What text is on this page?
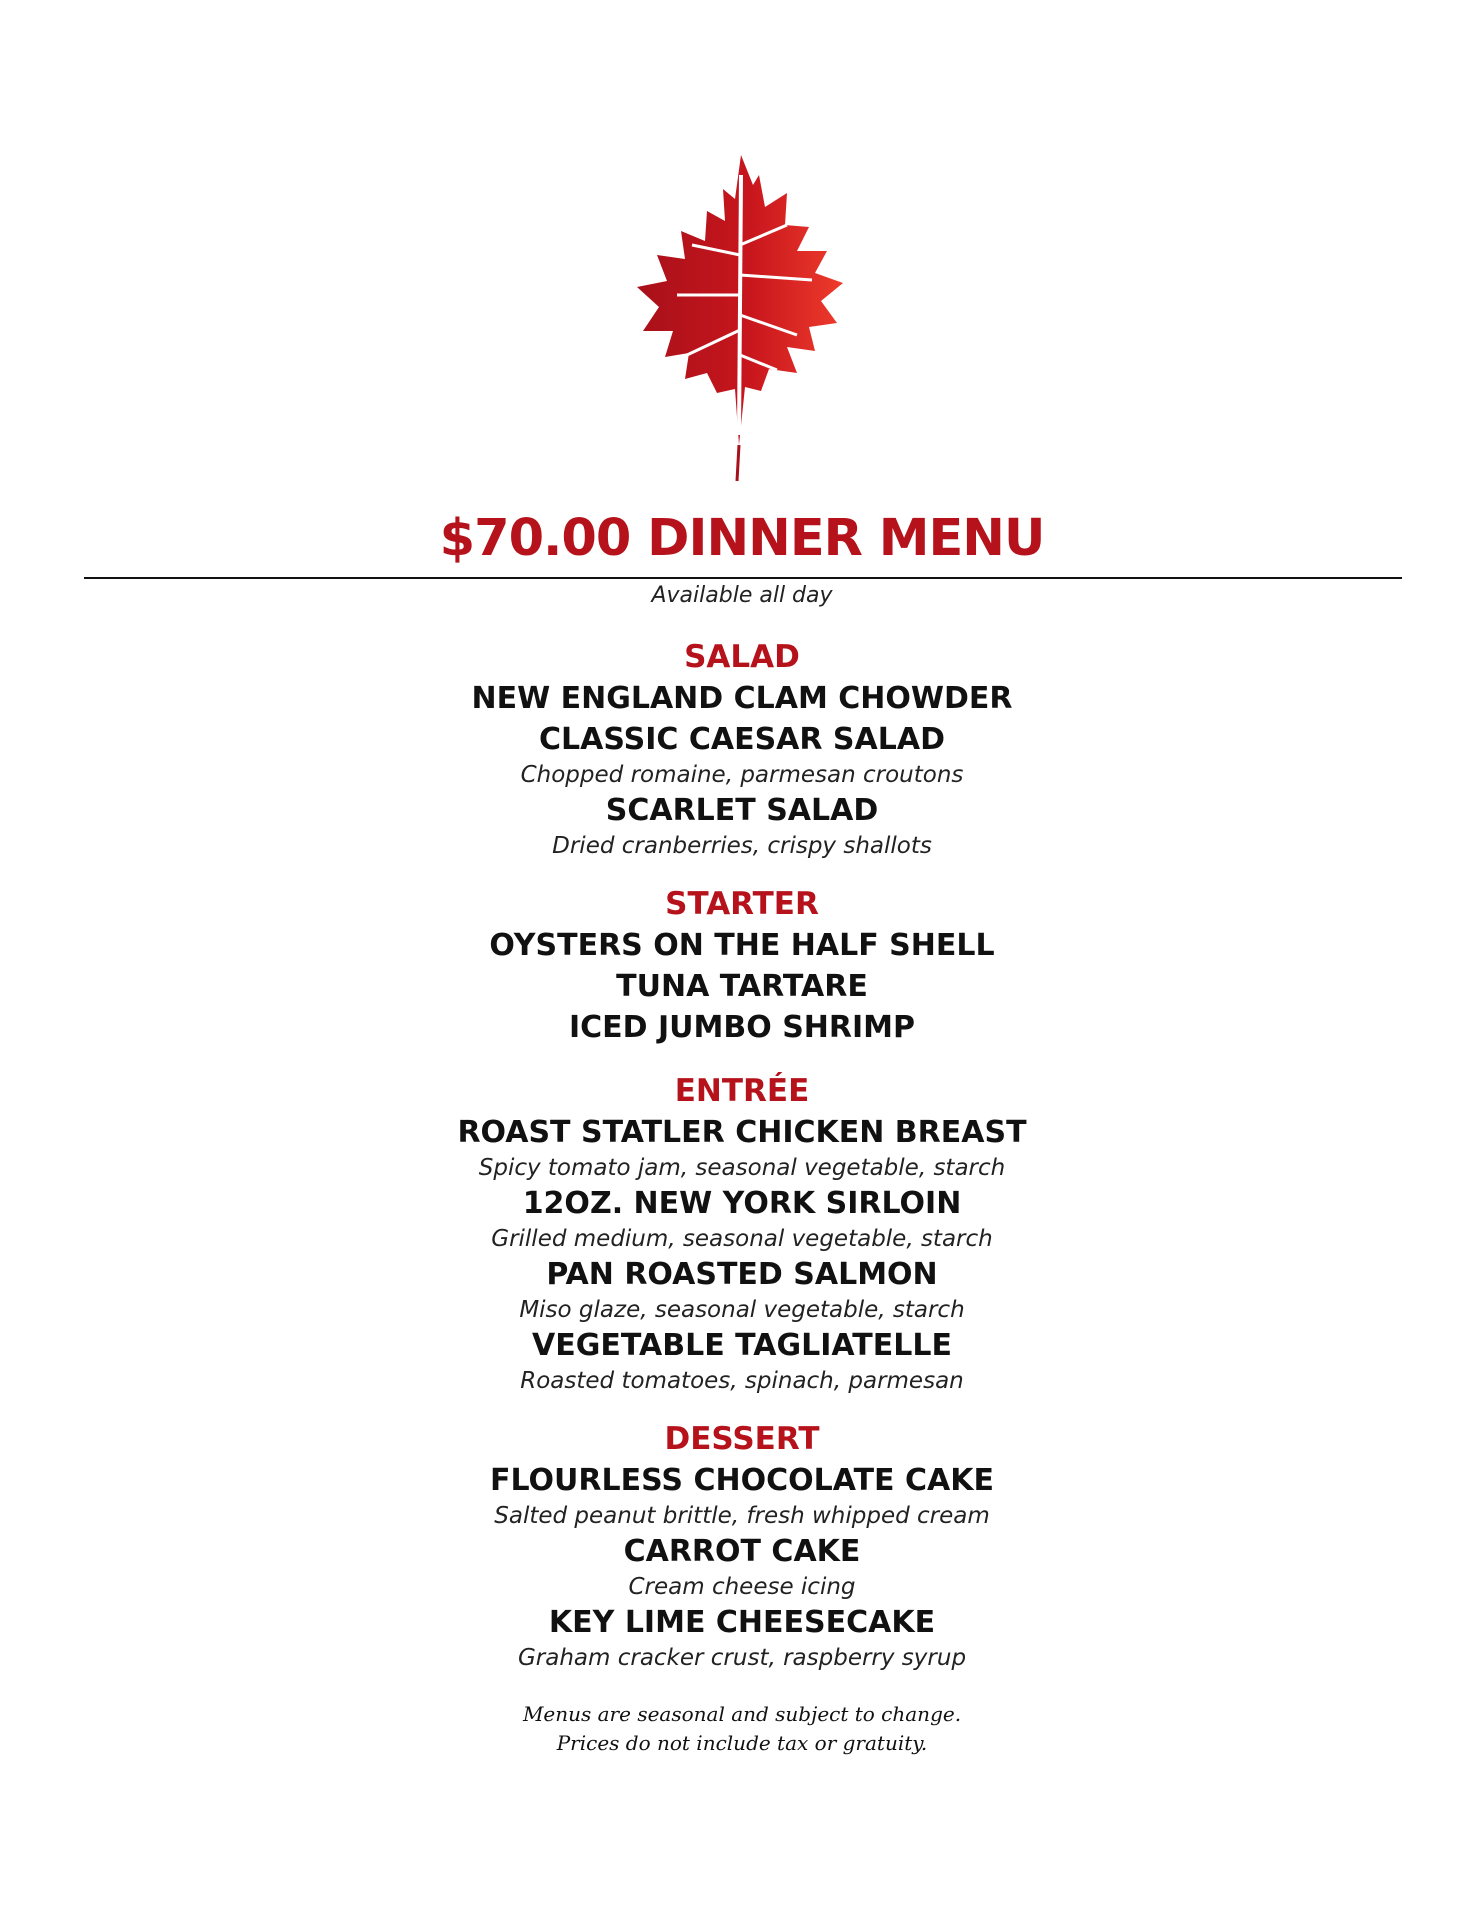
$70.00 DINNER MENU
Available all day

SALAD

NEW ENGLAND CLAM CHOWDER

CLASSIC CAESAR SALAD

Chopped romaine, parmesan croutons

SCARLET SALAD

Dried cranberries, crispy shallots

STARTER

OYSTERS ON THE HALF SHELL

TUNA TARTARE

ICED JUMBO SHRIMP

ENTRÉE

ROAST STATLER CHICKEN BREAST

Spicy tomato jam, seasonal vegetable, starch

12OZ. NEW YORK SIRLOIN

Grilled medium, seasonal vegetable, starch

PAN ROASTED SALMON

Miso glaze, seasonal vegetable, starch

VEGETABLE TAGLIATELLE

Roasted tomatoes, spinach, parmesan

DESSERT

FLOURLESS CHOCOLATE CAKE

Salted peanut brittle, fresh whipped cream

CARROT CAKE

Cream cheese icing

KEY LIME CHEESECAKE

Graham cracker crust, raspberry syrup

Menus are seasonal and subject to change.
Prices do not include tax or gratuity.
